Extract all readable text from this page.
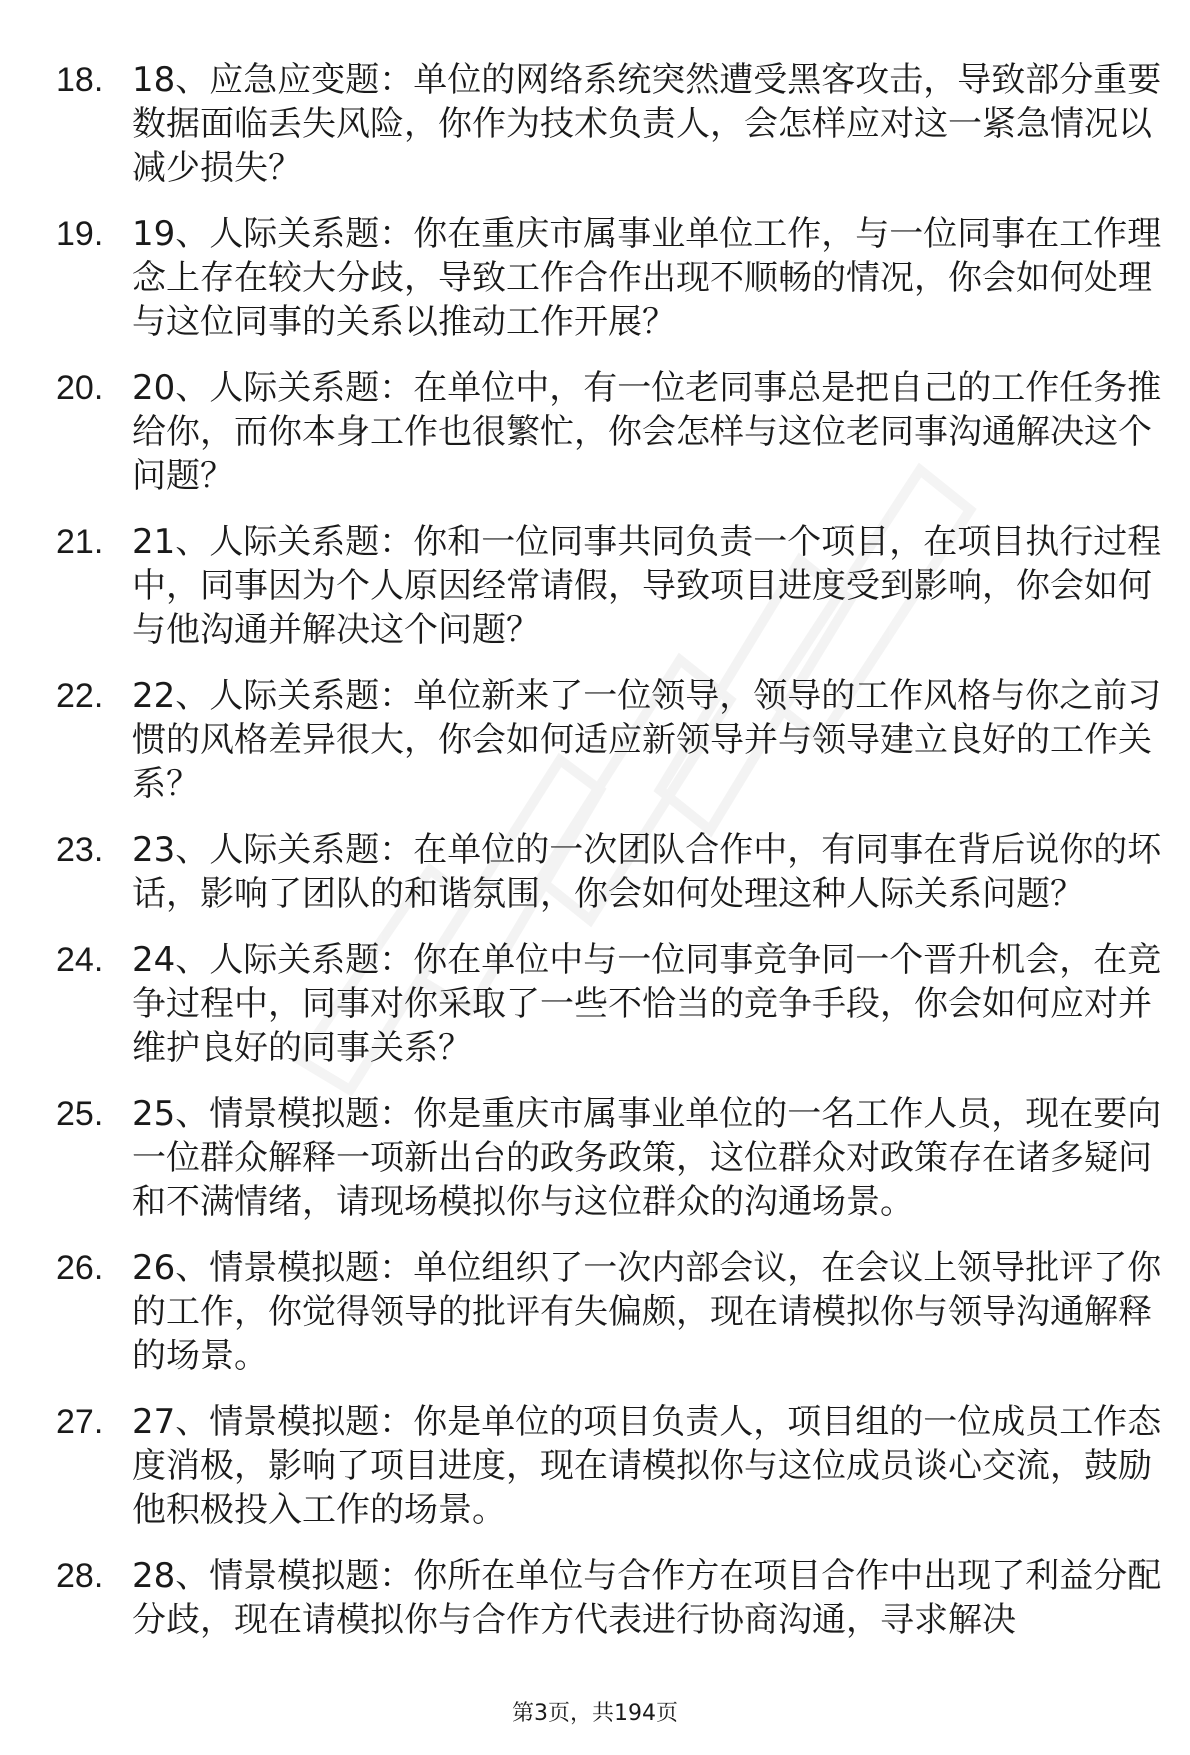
18. 18、应急应变题：单位的网络系统突然遭受黑客攻击，导致部分重要数据面临丢失风险，你作为技术负责人，会怎样应对这一紧急情况以减少损失？
19. 19、人际关系题：你在重庆市属事业单位工作，与一位同事在工作理念上存在较大分歧，导致工作合作出现不顺畅的情况，你会如何处理与这位同事的关系以推动工作开展？
20. 20、人际关系题：在单位中，有一位老同事总是把自己的工作任务推给你，而你本身工作也很繁忙，你会怎样与这位老同事沟通解决这个问题？
21. 21、人际关系题：你和一位同事共同负责一个项目，在项目执行过程中，同事因为个人原因经常请假，导致项目进度受到影响，你会如何与他沟通并解决这个问题？
22. 22、人际关系题：单位新来了一位领导，领导的工作风格与你之前习惯的风格差异很大，你会如何适应新领导并与领导建立良好的工作关系？
23. 23、人际关系题：在单位的一次团队合作中，有同事在背后说你的坏话，影响了团队的和谐氛围，你会如何处理这种人际关系问题？
24. 24、人际关系题：你在单位中与一位同事竞争同一个晋升机会，在竞争过程中，同事对你采取了一些不恰当的竞争手段，你会如何应对并维护良好的同事关系？
25. 25、情景模拟题：你是重庆市属事业单位的一名工作人员，现在要向一位群众解释一项新出台的政务政策，这位群众对政策存在诸多疑问和不满情绪，请现场模拟你与这位群众的沟通场景。
26. 26、情景模拟题：单位组织了一次内部会议，在会议上领导批评了你的工作，你觉得领导的批评有失偏颇，现在请模拟你与领导沟通解释的场景。
27. 27、情景模拟题：你是单位的项目负责人，项目组的一位成员工作态度消极，影响了项目进度，现在请模拟你与这位成员谈心交流，鼓励他积极投入工作的场景。
28. 28、情景模拟题：你所在单位与合作方在项目合作中出现了利益分配分歧，现在请模拟你与合作方代表进行协商沟通，寻求解决
第3页，共194页
